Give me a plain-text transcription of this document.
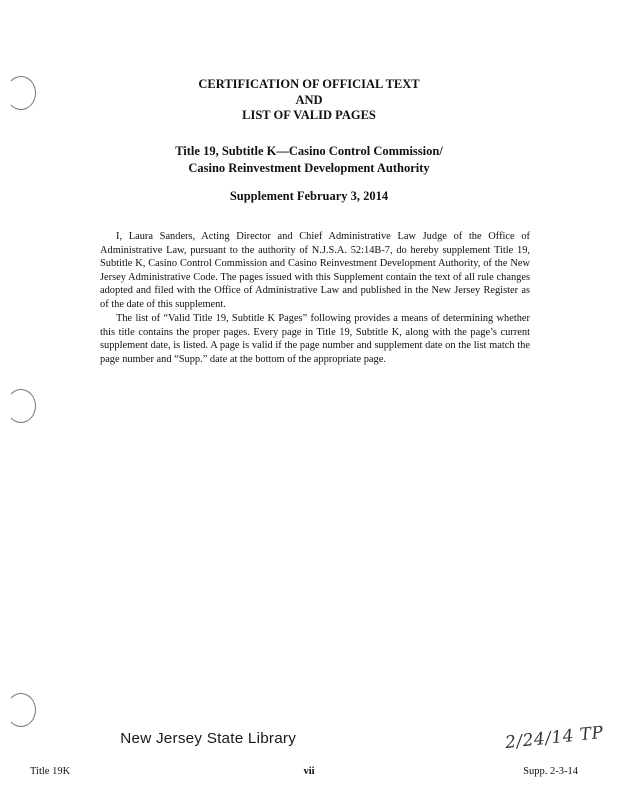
CERTIFICATION OF OFFICIAL TEXT
AND
LIST OF VALID PAGES
Title 19, Subtitle K—Casino Control Commission/
Casino Reinvestment Development Authority
Supplement February 3, 2014

I, Laura Sanders, Acting Director and Chief Administrative Law Judge of the Office of Administrative Law, pursuant to the authority of N.J.S.A. 52:14B-7, do hereby supplement Title 19, Subtitle K, Casino Control Commission and Casino Reinvestment Development Authority, of the New Jersey Administrative Code. The pages issued with this Supplement contain the text of all rule changes adopted and filed with the Office of Administrative Law and published in the New Jersey Register as of the date of this supplement.

The list of “Valid Title 19, Subtitle K Pages” following provides a means of determining whether this title contains the proper pages. Every page in Title 19, Subtitle K, along with the page’s current supplement date, is listed. A page is valid if the page number and supplement date on the list match the page number and “Supp.” date at the bottom of the appropriate page.

New Jersey State Library	2/24/14 TP
Title 19K	vii	Supp. 2-3-14
